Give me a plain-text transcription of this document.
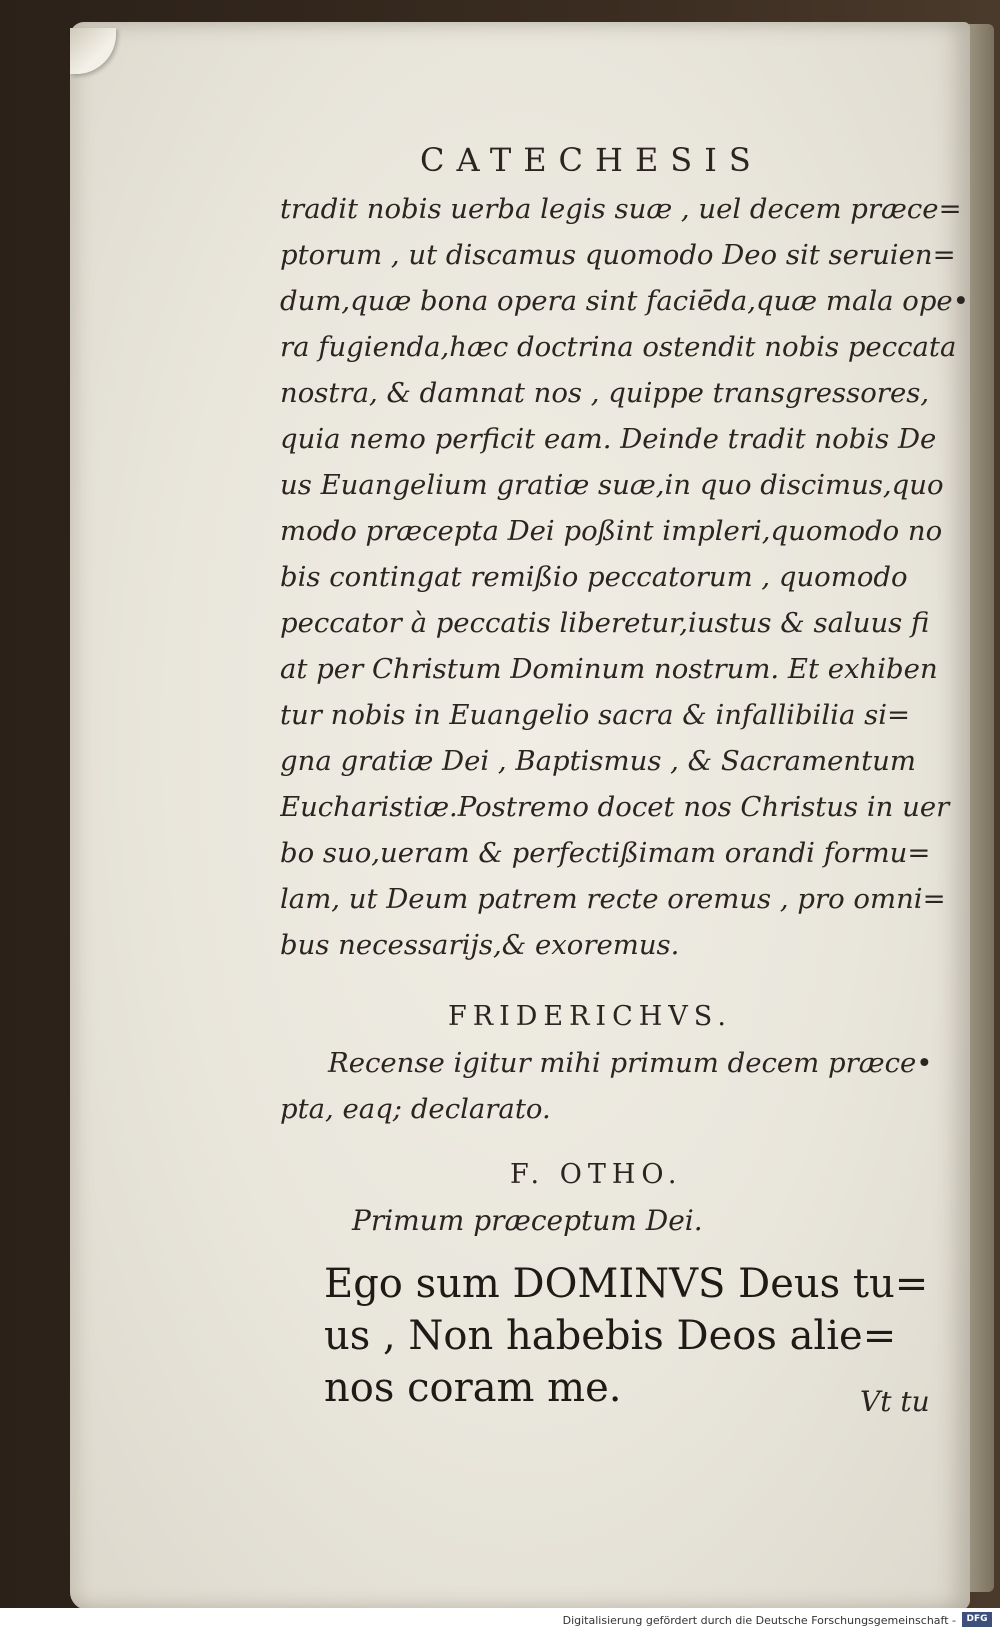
CATECHESIS
tradit nobis uerba legis suæ , uel decem præce=
ptorum , ut discamus quomodo Deo sit seruien=
dum,quæ bona opera sint faciēda,quæ mala ope•
ra fugienda,hæc doctrina ostendit nobis peccata
nostra, & damnat nos , quippe transgressores,
quia nemo perficit eam. Deinde tradit nobis De
us Euangelium gratiæ suæ,in quo discimus,quo
modo præcepta Dei poßint impleri,quomodo no
bis contingat remißio peccatorum , quomodo
peccator à peccatis liberetur,iustus & saluus fi
at per Christum Dominum nostrum. Et exhiben
tur nobis in Euangelio sacra & infallibilia si=
gna gratiæ Dei , Baptismus , & Sacramentum
Eucharistiæ.Postremo docet nos Christus in uer
bo suo,ueram & perfectißimam orandi formu=
lam, ut Deum patrem recte oremus , pro omni=
bus necessarijs,& exoremus.
FRIDERICHVS.
Recense igitur mihi primum decem præce•
pta, eaq; declarato.
F. OTHO.
Primum præceptum Dei.
Ego sum DOMINVS Deus tu=
us , Non habebis Deos alie=
nos coram me.	Vt tu
Digitalisierung gefördert durch die Deutsche Forschungsgemeinschaft -	DFG
